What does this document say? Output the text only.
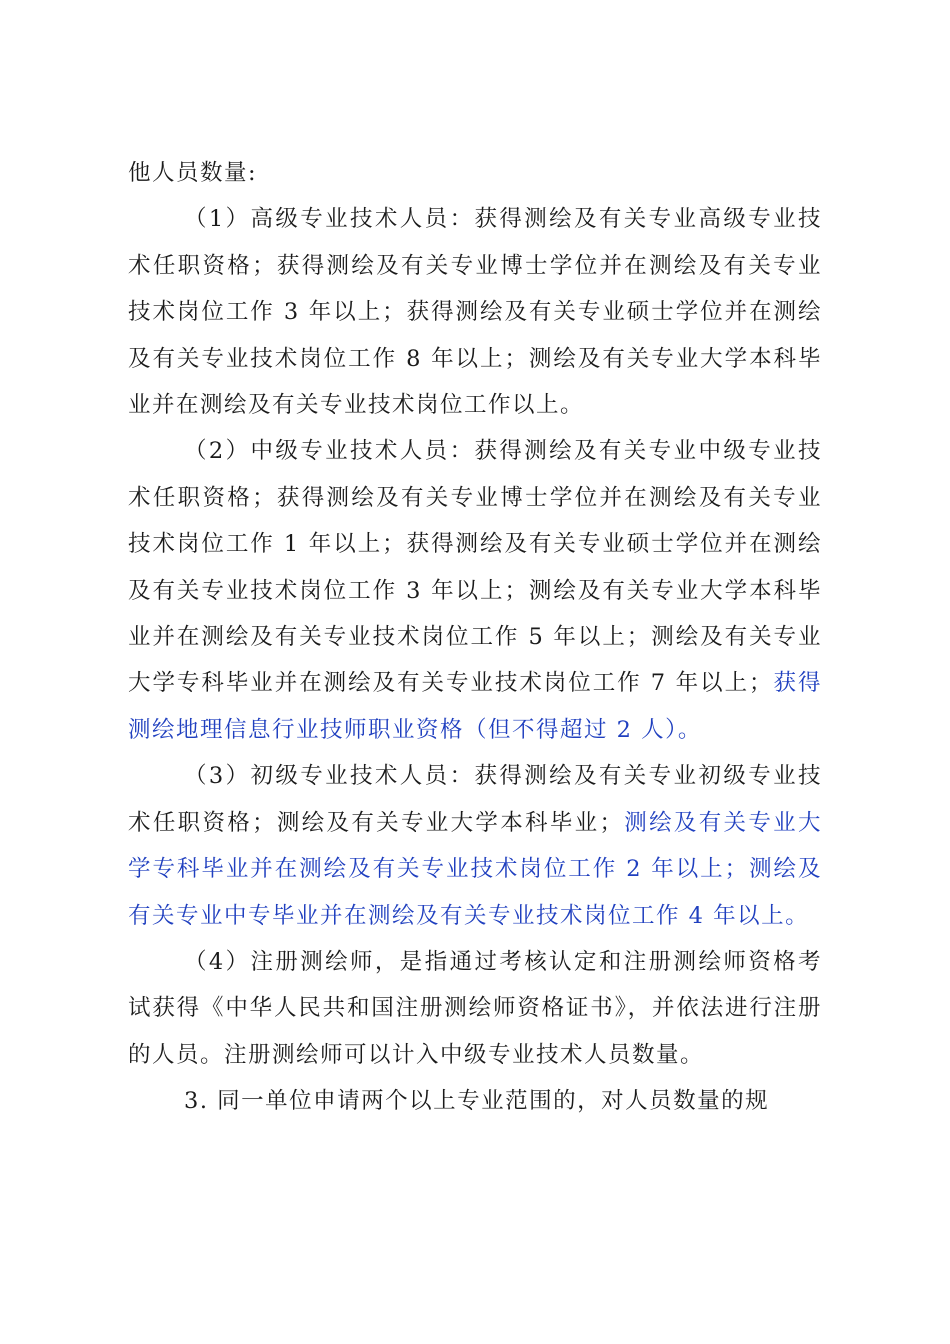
他人员数量:

（1）高级专业技术人员：获得测绘及有关专业高级专业技术任职资格；获得测绘及有关专业博士学位并在测绘及有关专业技术岗位工作 3 年以上；获得测绘及有关专业硕士学位并在测绘及有关专业技术岗位工作 8 年以上；测绘及有关专业大学本科毕业并在测绘及有关专业技术岗位工作以上。

（2）中级专业技术人员：获得测绘及有关专业中级专业技术任职资格；获得测绘及有关专业博士学位并在测绘及有关专业技术岗位工作 1 年以上；获得测绘及有关专业硕士学位并在测绘及有关专业技术岗位工作 3 年以上；测绘及有关专业大学本科毕业并在测绘及有关专业技术岗位工作 5 年以上；测绘及有关专业大学专科毕业并在测绘及有关专业技术岗位工作 7 年以上；获得测绘地理信息行业技师职业资格（但不得超过 2 人）。

（3）初级专业技术人员：获得测绘及有关专业初级专业技术任职资格；测绘及有关专业大学本科毕业；测绘及有关专业大学专科毕业并在测绘及有关专业技术岗位工作 2 年以上；测绘及有关专业中专毕业并在测绘及有关专业技术岗位工作 4 年以上。

（4）注册测绘师，是指通过考核认定和注册测绘师资格考试获得《中华人民共和国注册测绘师资格证书》，并依法进行注册的人员。注册测绘师可以计入中级专业技术人员数量。

3. 同一单位申请两个以上专业范围的，对人员数量的规
